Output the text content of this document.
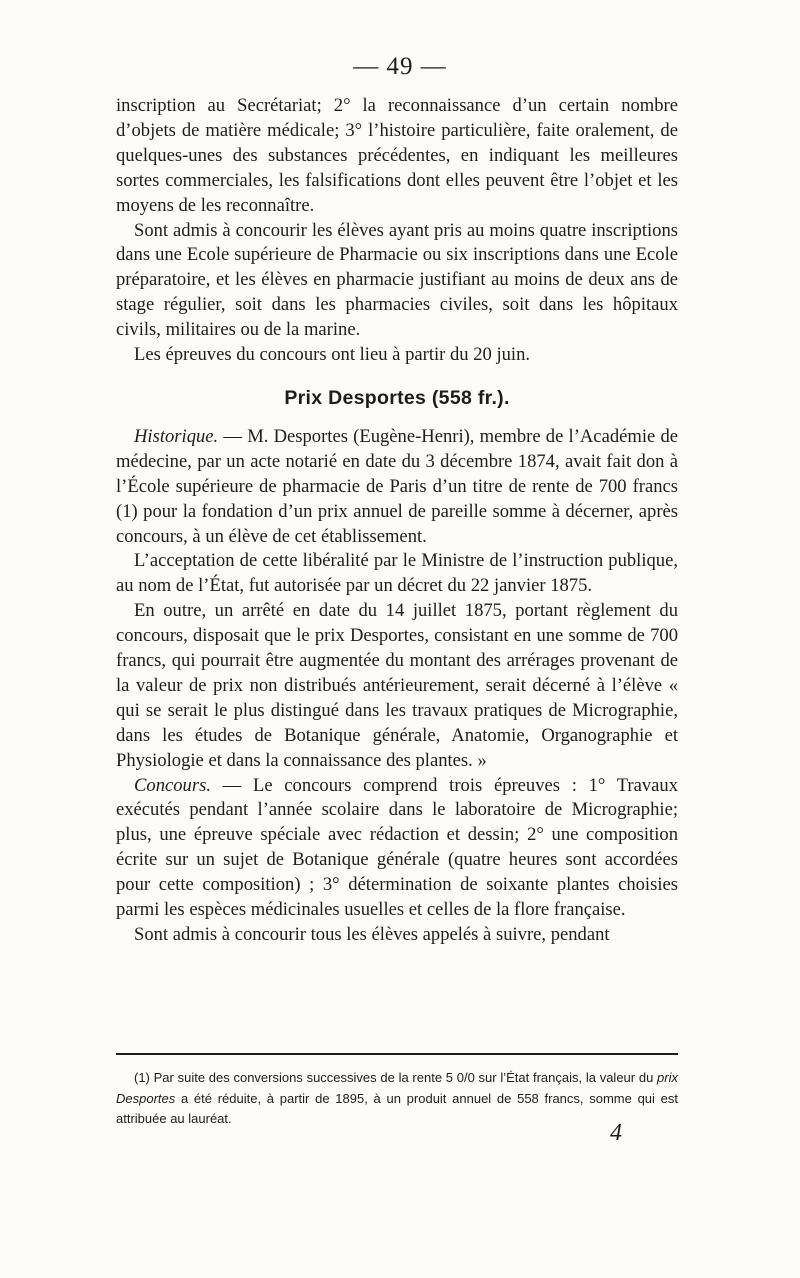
— 49 —

inscription au Secrétariat; 2° la reconnaissance d’un certain nombre d’objets de matière médicale; 3° l’histoire particulière, faite oralement, de quelques-unes des substances précédentes, en indiquant les meilleures sortes commerciales, les falsifications dont elles peuvent être l’objet et les moyens de les reconnaître.

Sont admis à concourir les élèves ayant pris au moins quatre inscriptions dans une Ecole supérieure de Pharmacie ou six inscriptions dans une Ecole préparatoire, et les élèves en pharmacie justifiant au moins de deux ans de stage régulier, soit dans les pharmacies civiles, soit dans les hôpitaux civils, militaires ou de la marine.

Les épreuves du concours ont lieu à partir du 20 juin.

Prix Desportes (558 fr.).

Historique. — M. Desportes (Eugène-Henri), membre de l’Académie de médecine, par un acte notarié en date du 3 décembre 1874, avait fait don à l’École supérieure de pharmacie de Paris d’un titre de rente de 700 francs (1) pour la fondation d’un prix annuel de pareille somme à décerner, après concours, à un élève de cet établissement.

L’acceptation de cette libéralité par le Ministre de l’instruction publique, au nom de l’État, fut autorisée par un décret du 22 janvier 1875.

En outre, un arrêté en date du 14 juillet 1875, portant règlement du concours, disposait que le prix Desportes, consistant en une somme de 700 francs, qui pourrait être augmentée du montant des arrérages provenant de la valeur de prix non distribués antérieurement, serait décerné à l’élève « qui se serait le plus distingué dans les travaux pratiques de Micrographie, dans les études de Botanique générale, Anatomie, Organographie et Physiologie et dans la connaissance des plantes. »

Concours. — Le concours comprend trois épreuves : 1° Travaux exécutés pendant l’année scolaire dans le laboratoire de Micrographie; plus, une épreuve spéciale avec rédaction et dessin; 2° une composition écrite sur un sujet de Botanique générale (quatre heures sont accordées pour cette composition) ; 3° détermination de soixante plantes choisies parmi les espèces médicinales usuelles et celles de la flore française.

Sont admis à concourir tous les élèves appelés à suivre, pendant

(1) Par suite des conversions successives de la rente 5 0/0 sur l’État français, la valeur du prix Desportes a été réduite, à partir de 1895, à un produit annuel de 558 francs, somme qui est attribuée au lauréat.

4
